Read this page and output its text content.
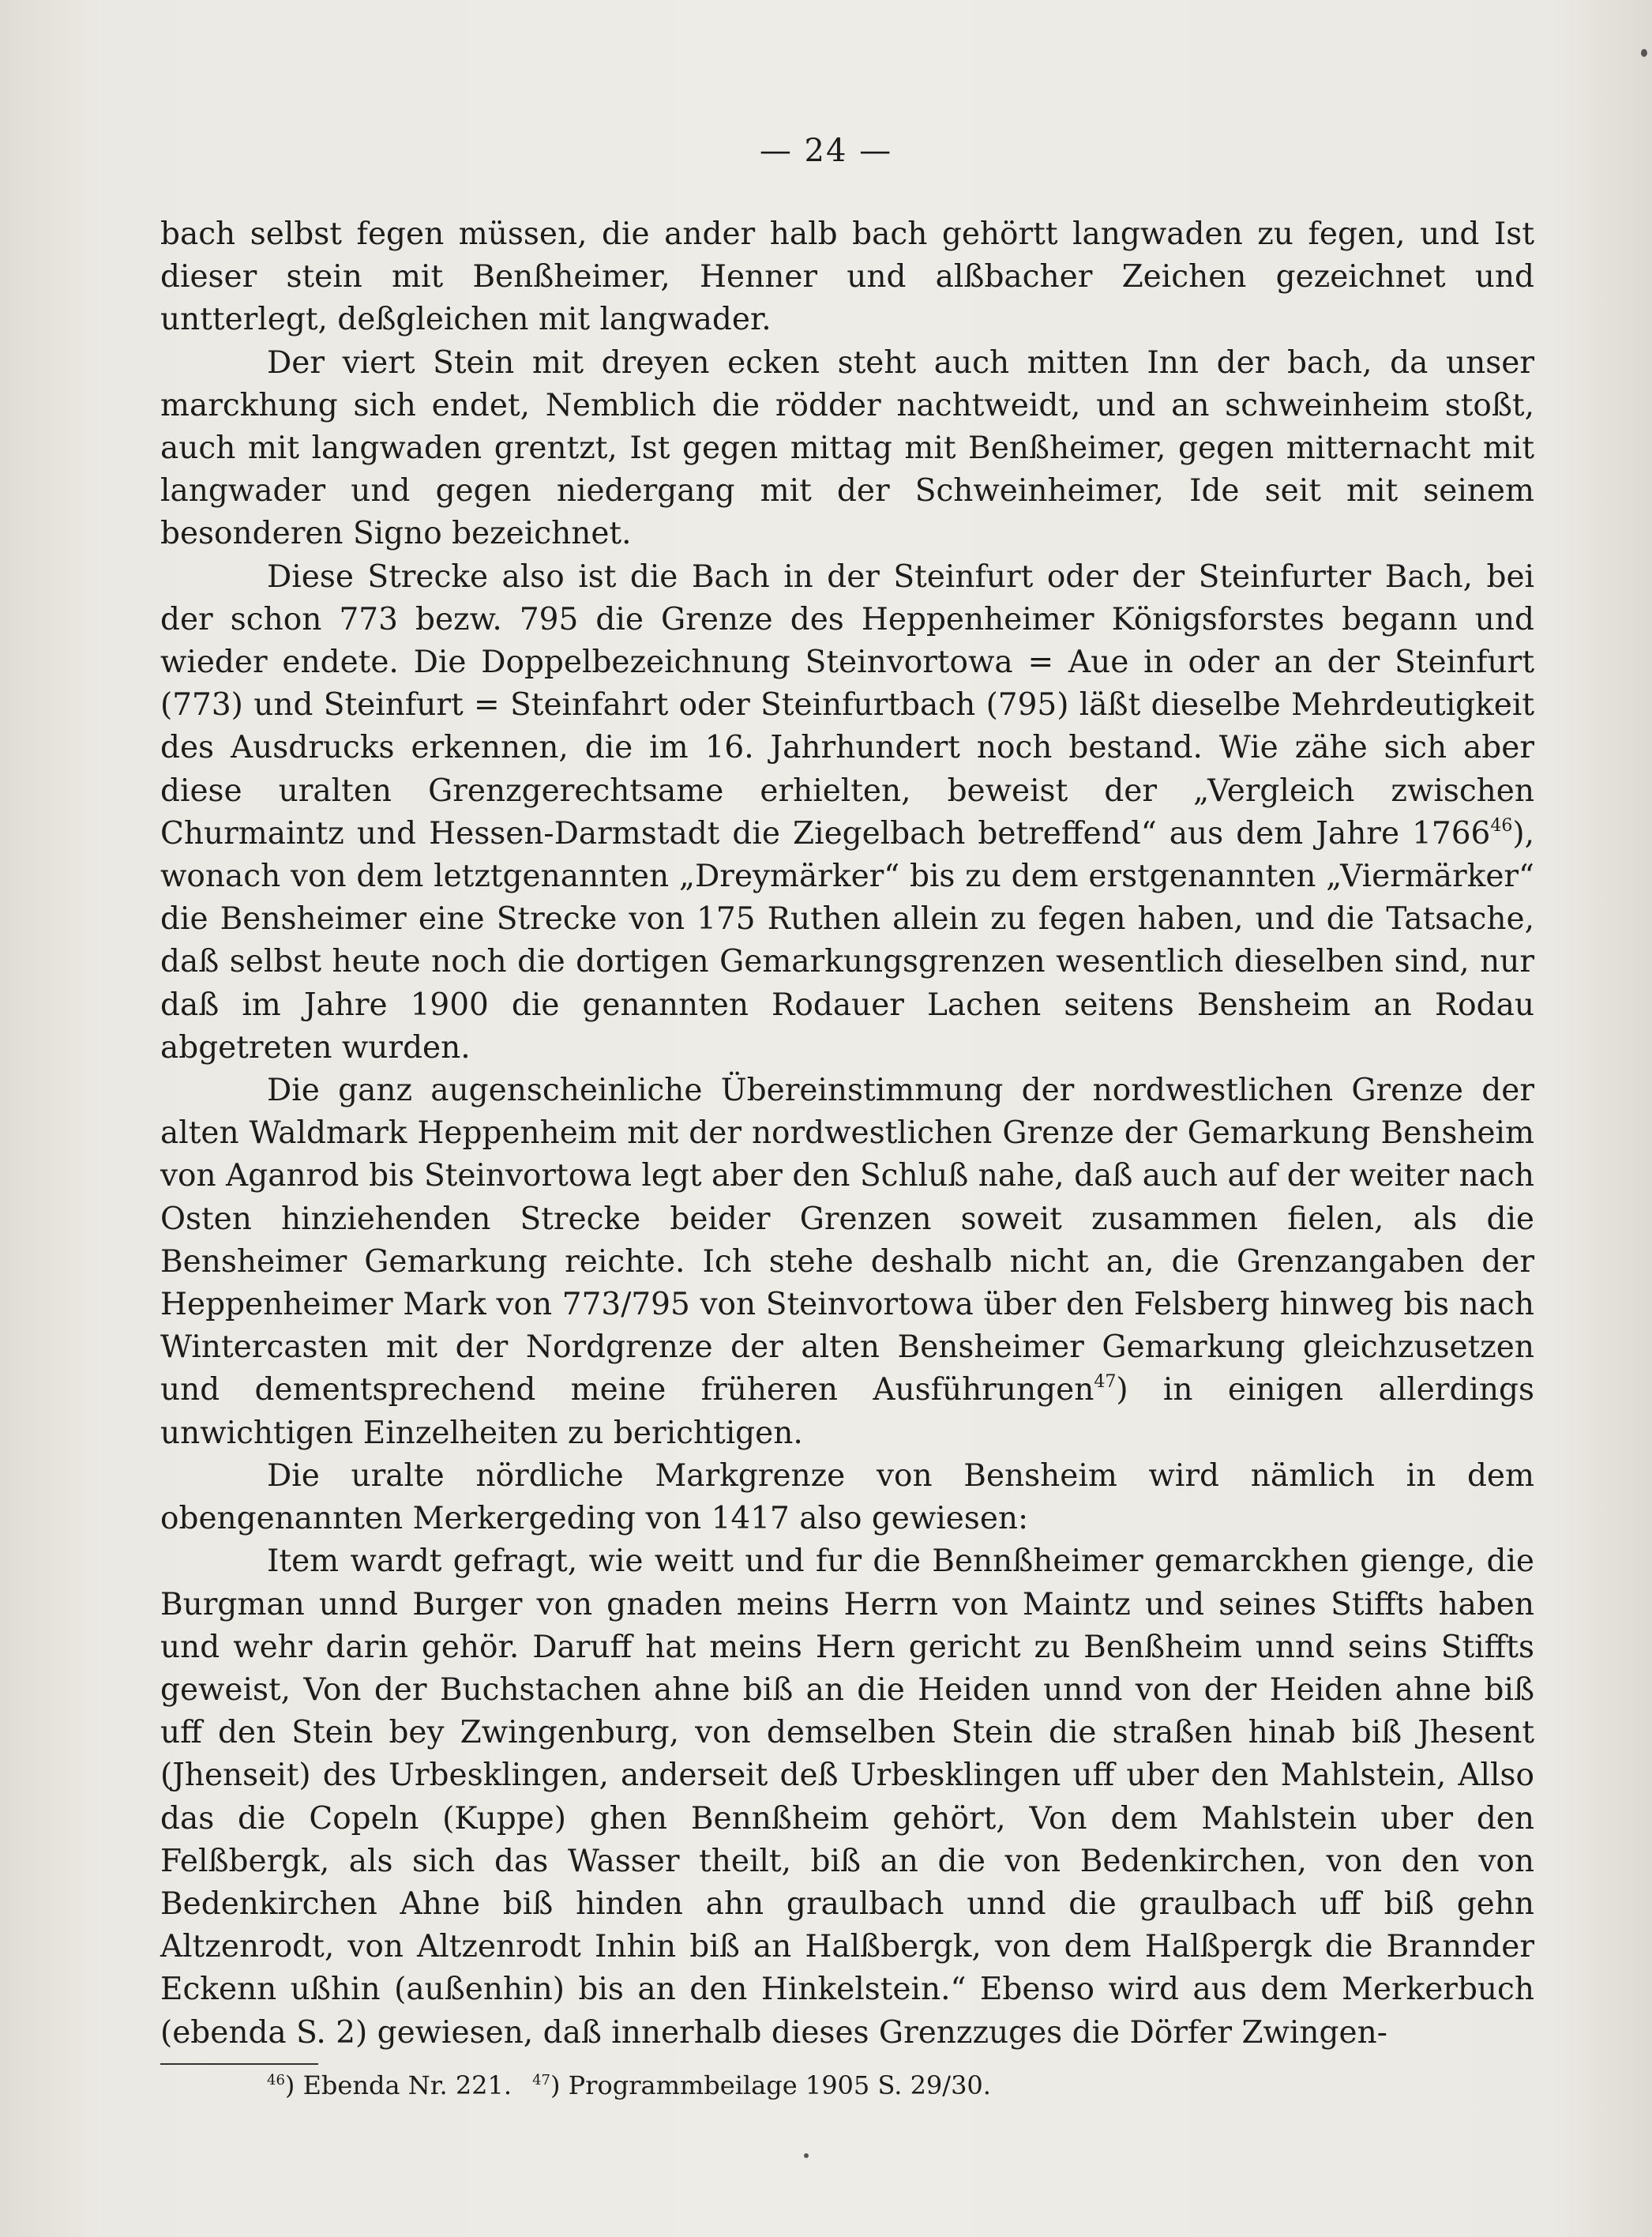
— 24 —

bach selbst fegen müssen, die ander halb bach gehörtt langwaden zu fegen, und Ist dieser stein mit Benßheimer, Henner und alßbacher Zeichen gezeichnet und untterlegt, deßgleichen mit langwader.

Der viert Stein mit dreyen ecken steht auch mitten Inn der bach, da unser marckhung sich endet, Nemblich die rödder nachtweidt, und an schweinheim stoßt, auch mit langwaden grentzt, Ist gegen mittag mit Benßheimer, gegen mitternacht mit langwader und gegen niedergang mit der Schweinheimer, Ide seit mit seinem besonderen Signo bezeichnet.

Diese Strecke also ist die Bach in der Steinfurt oder der Steinfurter Bach, bei der schon 773 bezw. 795 die Grenze des Heppenheimer Königsforstes begann und wieder endete. Die Doppelbezeichnung Steinvortowa = Aue in oder an der Steinfurt (773) und Steinfurt = Steinfahrt oder Steinfurtbach (795) läßt dieselbe Mehrdeutigkeit des Ausdrucks erkennen, die im 16. Jahrhundert noch bestand. Wie zähe sich aber diese uralten Grenzgerechtsame erhielten, beweist der „Vergleich zwischen Churmaintz und Hessen-Darmstadt die Ziegelbach betreffend“ aus dem Jahre 1766$^{46}$), wonach von dem letztgenannten „Dreymärker“ bis zu dem erstgenannten „Viermärker“ die Bensheimer eine Strecke von 175 Ruthen allein zu fegen haben, und die Tatsache, daß selbst heute noch die dortigen Gemarkungsgrenzen wesentlich dieselben sind, nur daß im Jahre 1900 die genannten Rodauer Lachen seitens Bensheim an Rodau abgetreten wurden.

Die ganz augenscheinliche Übereinstimmung der nordwestlichen Grenze der alten Waldmark Heppenheim mit der nordwestlichen Grenze der Gemarkung Bensheim von Aganrod bis Steinvortowa legt aber den Schluß nahe, daß auch auf der weiter nach Osten hinziehenden Strecke beider Grenzen soweit zusammen fielen, als die Bensheimer Gemarkung reichte. Ich stehe deshalb nicht an, die Grenzangaben der Heppenheimer Mark von 773/795 von Steinvortowa über den Felsberg hinweg bis nach Wintercasten mit der Nordgrenze der alten Bensheimer Gemarkung gleichzusetzen und dementsprechend meine früheren Ausführungen$^{47}$) in einigen allerdings unwichtigen Einzelheiten zu berichtigen.

Die uralte nördliche Markgrenze von Bensheim wird nämlich in dem obengenannten Merkergeding von 1417 also gewiesen:

Item wardt gefragt, wie weitt und fur die Bennßheimer gemarckhen gienge, die Burgman unnd Burger von gnaden meins Herrn von Maintz und seines Stiffts haben und wehr darin gehör. Daruff hat meins Hern gericht zu Benßheim unnd seins Stiffts geweist, Von der Buchstachen ahne biß an die Heiden unnd von der Heiden ahne biß uff den Stein bey Zwingenburg, von demselben Stein die straßen hinab biß Jhesent (Jhenseit) des Urbesklingen, anderseit deß Urbesklingen uff uber den Mahlstein, Allso das die Copeln (Kuppe) ghen Bennßheim gehört, Von dem Mahlstein uber den Felßbergk, als sich das Wasser theilt, biß an die von Bedenkirchen, von den von Bedenkirchen Ahne biß hinden ahn graulbach unnd die graulbach uff biß gehn Altzenrodt, von Altzenrodt Inhin biß an Halßbergk, von dem Halßpergk die Brannder Eckenn ußhin (außenhin) bis an den Hinkelstein.“ Ebenso wird aus dem Merkerbuch (ebenda S. 2) gewiesen, daß innerhalb dieses Grenzzuges die Dörfer Zwingen-

$^{46}$) Ebenda Nr. 221. $^{47}$) Programmbeilage 1905 S. 29/30.
